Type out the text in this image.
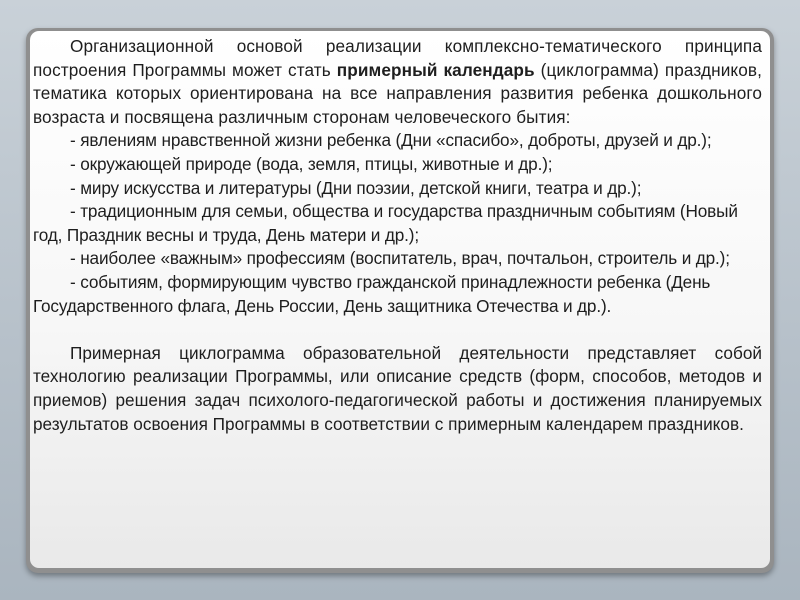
Организационной основой реализации комплексно-тематического принципа построения Программы может стать примерный календарь (циклограмма) праздников, тематика которых ориентирована на все направления развития ребенка дошкольного возраста и посвящена различным сторонам человеческого бытия:

- явлениям нравственной жизни ребенка (Дни «спасибо», доброты, друзей и др.);
- окружающей природе (вода, земля, птицы, животные и др.);
- миру искусства и литературы (Дни поэзии, детской книги, театра и др.);
- традиционным для семьи, общества и государства праздничным событиям (Новый год, Праздник весны и труда, День матери и др.);
- наиболее «важным» профессиям (воспитатель, врач, почтальон, строитель и др.);
- событиям, формирующим чувство гражданской принадлежности ребенка (День Государственного флага, День России, День защитника Отечества и др.).

Примерная циклограмма образовательной деятельности представляет собой технологию реализации Программы, или описание средств (форм, способов, методов и приемов) решения задач психолого-педагогической работы и достижения планируемых результатов освоения Программы в соответствии с примерным календарем праздников.
